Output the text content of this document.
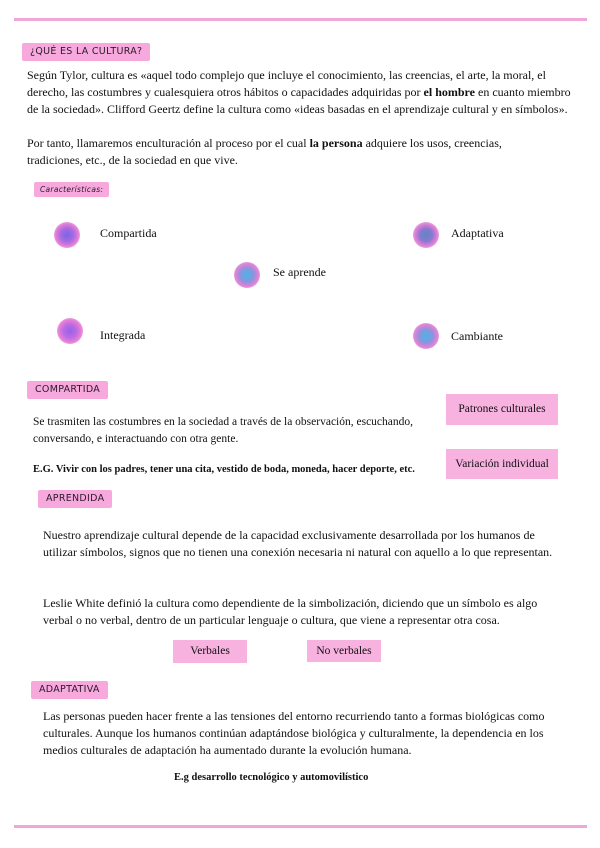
¿QUÉ ES LA CULTURA?
Según Tylor, cultura es «aquel todo complejo que incluye el conocimiento, las creencias, el arte, la moral, el derecho, las costumbres y cualesquiera otros hábitos o capacidades adquiridas por el hombre en cuanto miembro de la sociedad». Clifford Geertz define la cultura como «ideas basadas en el aprendizaje cultural y en símbolos».
Por tanto, llamaremos enculturación al proceso por el cual la persona adquiere los usos, creencias, tradiciones, etc., de la sociedad en que vive.
Características:
Compartida	Adaptativa
Se aprende
Integrada	Cambiante
COMPARTIDA
Se trasmiten las costumbres en la sociedad a través de la observación, escuchando, conversando, e interactuando con otra gente.
E.G. Vivir con los padres, tener una cita, vestido de boda, moneda, hacer deporte, etc.
Patrones culturales
Variación individual
APRENDIDA
Nuestro aprendizaje cultural depende de la capacidad exclusivamente desarrollada por los humanos de utilizar símbolos, signos que no tienen una conexión necesaria ni natural con aquello a lo que representan.
Leslie White definió la cultura como dependiente de la simbolización, diciendo que un símbolo es algo verbal o no verbal, dentro de un particular lenguaje o cultura, que viene a representar otra cosa.
Verbales	No verbales
ADAPTATIVA
Las personas pueden hacer frente a las tensiones del entorno recurriendo tanto a formas biológicas como culturales. Aunque los humanos continúan adaptándose biológica y culturalmente, la dependencia en los medios culturales de adaptación ha aumentado durante la evolución humana.
E.g desarrollo tecnológico y automovilístico
